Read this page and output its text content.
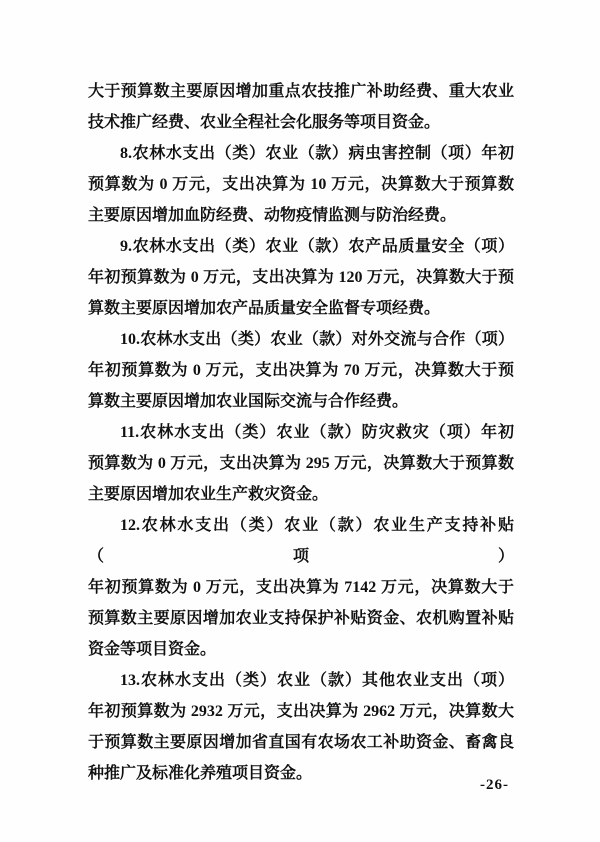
大于预算数主要原因增加重点农技推广补助经费、重大农业
技术推广经费、农业全程社会化服务等项目资金。
8.农林水支出（类）农业（款）病虫害控制（项）年初
预算数为 0 万元，支出决算为 10 万元，决算数大于预算数
主要原因增加血防经费、动物疫情监测与防治经费。
9.农林水支出（类）农业（款）农产品质量安全（项）
年初预算数为 0 万元，支出决算为 120 万元，决算数大于预
算数主要原因增加农产品质量安全监督专项经费。
10.农林水支出（类）农业（款）对外交流与合作（项）
年初预算数为 0 万元，支出决算为 70 万元，决算数大于预
算数主要原因增加农业国际交流与合作经费。
11.农林水支出（类）农业（款）防灾救灾（项）年初
预算数为 0 万元，支出决算为 295 万元，决算数大于预算数
主要原因增加农业生产救灾资金。
12.农林水支出（类）农业（款）农业生产支持补贴（项）
年初预算数为 0 万元，支出决算为 7142 万元，决算数大于
预算数主要原因增加农业支持保护补贴资金、农机购置补贴
资金等项目资金。
13.农林水支出（类）农业（款）其他农业支出（项）
年初预算数为 2932 万元，支出决算为 2962 万元，决算数大
于预算数主要原因增加省直国有农场农工补助资金、畜禽良
种推广及标准化养殖项目资金。
-26-
